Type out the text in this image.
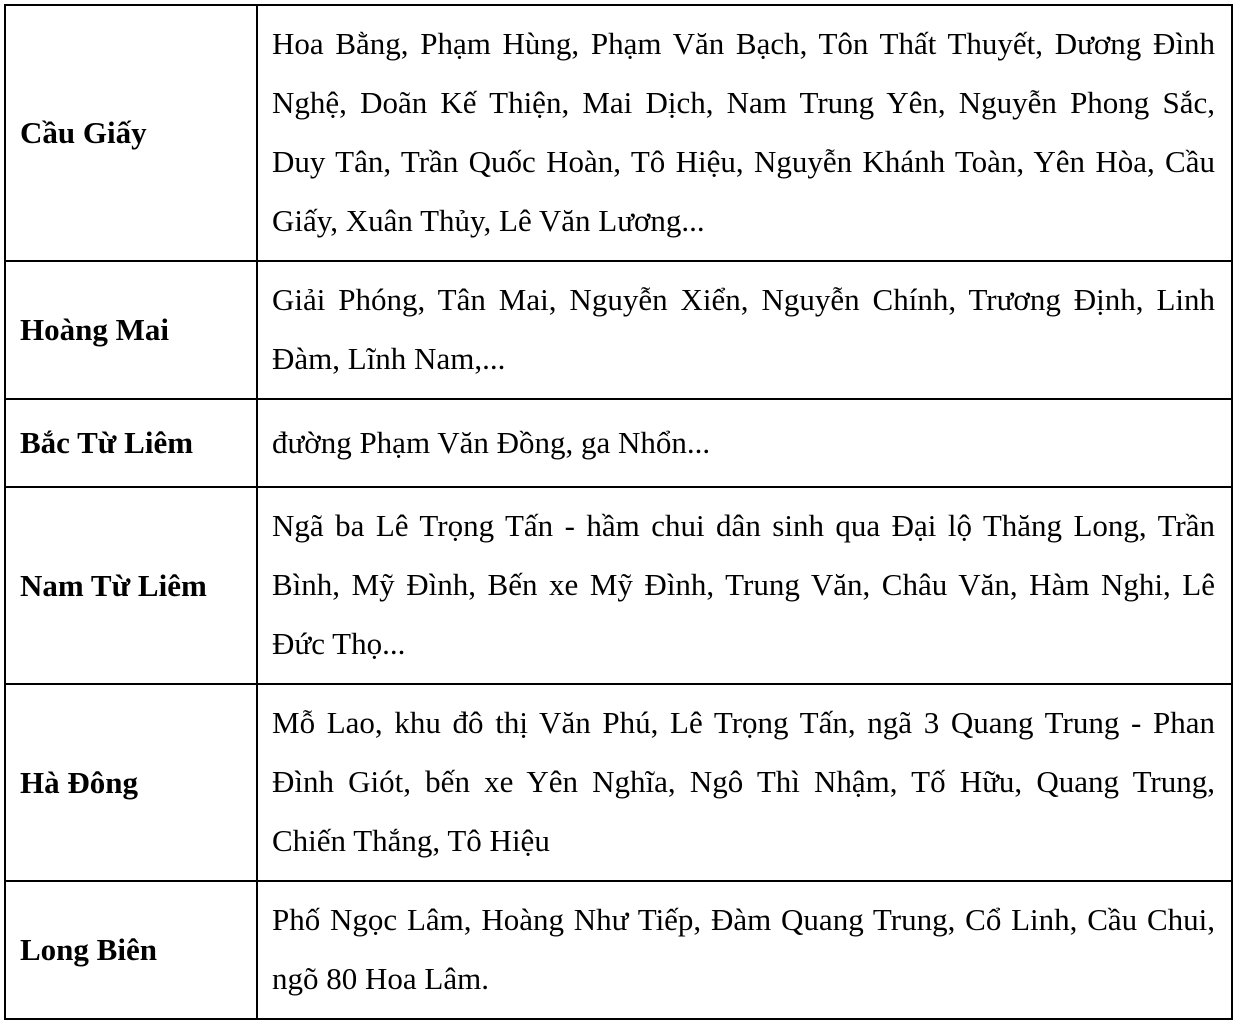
Cầu Giấy	Hoa Bằng, Phạm Hùng, Phạm Văn Bạch, Tôn Thất Thuyết, Dương Đình Nghệ, Doãn Kế Thiện, Mai Dịch, Nam Trung Yên, Nguyễn Phong Sắc, Duy Tân, Trần Quốc Hoàn, Tô Hiệu, Nguyễn Khánh Toàn, Yên Hòa, Cầu Giấy, Xuân Thủy, Lê Văn Lương...
Hoàng Mai	Giải Phóng, Tân Mai, Nguyễn Xiển, Nguyễn Chính, Trương Định, Linh Đàm, Lĩnh Nam,...
Bắc Từ Liêm	đường Phạm Văn Đồng, ga Nhổn...
Nam Từ Liêm	Ngã ba Lê Trọng Tấn - hầm chui dân sinh qua Đại lộ Thăng Long, Trần Bình, Mỹ Đình, Bến xe Mỹ Đình, Trung Văn, Châu Văn, Hàm Nghi, Lê Đức Thọ...
Hà Đông	Mỗ Lao, khu đô thị Văn Phú, Lê Trọng Tấn, ngã 3 Quang Trung - Phan Đình Giót, bến xe Yên Nghĩa, Ngô Thì Nhậm, Tố Hữu, Quang Trung, Chiến Thắng, Tô Hiệu
Long Biên	Phố Ngọc Lâm, Hoàng Như Tiếp, Đàm Quang Trung, Cổ Linh, Cầu Chui, ngõ 80 Hoa Lâm.
